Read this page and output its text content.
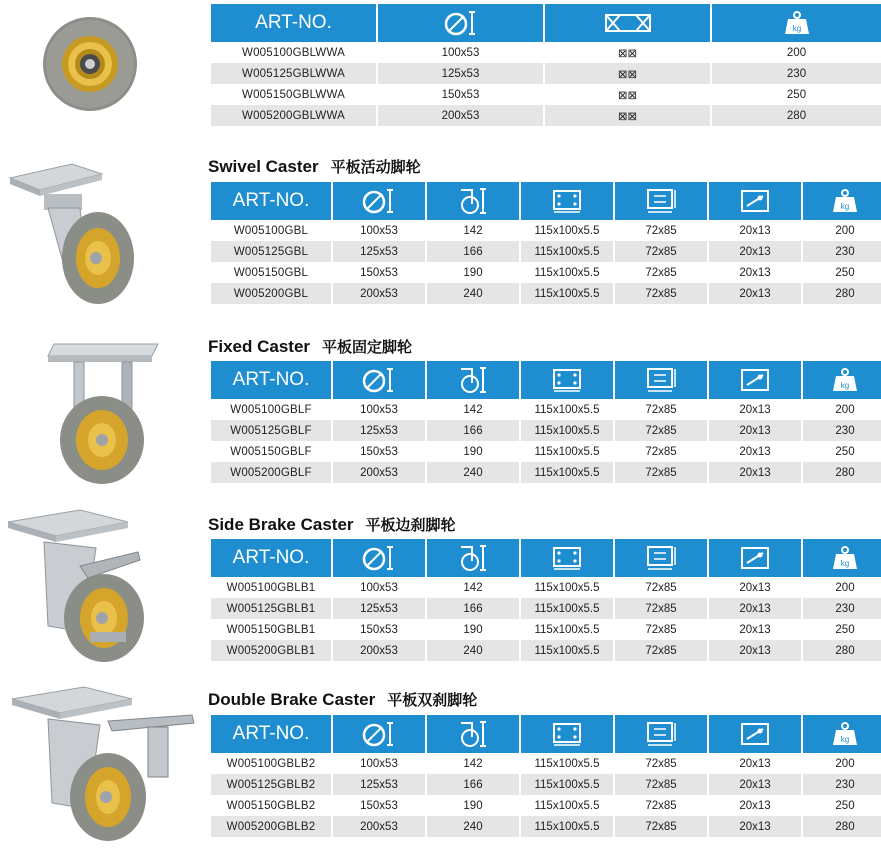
ART-NO.			kg

W005100GBLWWA	100x53	⊠⊠	200
W005125GBLWWA	125x53	⊠⊠	230
W005150GBLWWA	150x53	⊠⊠	250
W005200GBLWWA	200x53	⊠⊠	280
Swivel Caster 平板活动脚轮
ART-NO.						kg

W005100GBL	100x53	142	115x100x5.5	72x85	20x13	200
W005125GBL	125x53	166	115x100x5.5	72x85	20x13	230
W005150GBL	150x53	190	115x100x5.5	72x85	20x13	250
W005200GBL	200x53	240	115x100x5.5	72x85	20x13	280
Fixed Caster 平板固定脚轮
ART-NO.						kg

W005100GBLF	100x53	142	115x100x5.5	72x85	20x13	200
W005125GBLF	125x53	166	115x100x5.5	72x85	20x13	230
W005150GBLF	150x53	190	115x100x5.5	72x85	20x13	250
W005200GBLF	200x53	240	115x100x5.5	72x85	20x13	280
Side Brake Caster 平板边刹脚轮
ART-NO.						kg

W005100GBLB1	100x53	142	115x100x5.5	72x85	20x13	200
W005125GBLB1	125x53	166	115x100x5.5	72x85	20x13	230
W005150GBLB1	150x53	190	115x100x5.5	72x85	20x13	250
W005200GBLB1	200x53	240	115x100x5.5	72x85	20x13	280
Double Brake Caster 平板双刹脚轮
ART-NO.						kg

W005100GBLB2	100x53	142	115x100x5.5	72x85	20x13	200
W005125GBLB2	125x53	166	115x100x5.5	72x85	20x13	230
W005150GBLB2	150x53	190	115x100x5.5	72x85	20x13	250
W005200GBLB2	200x53	240	115x100x5.5	72x85	20x13	280
